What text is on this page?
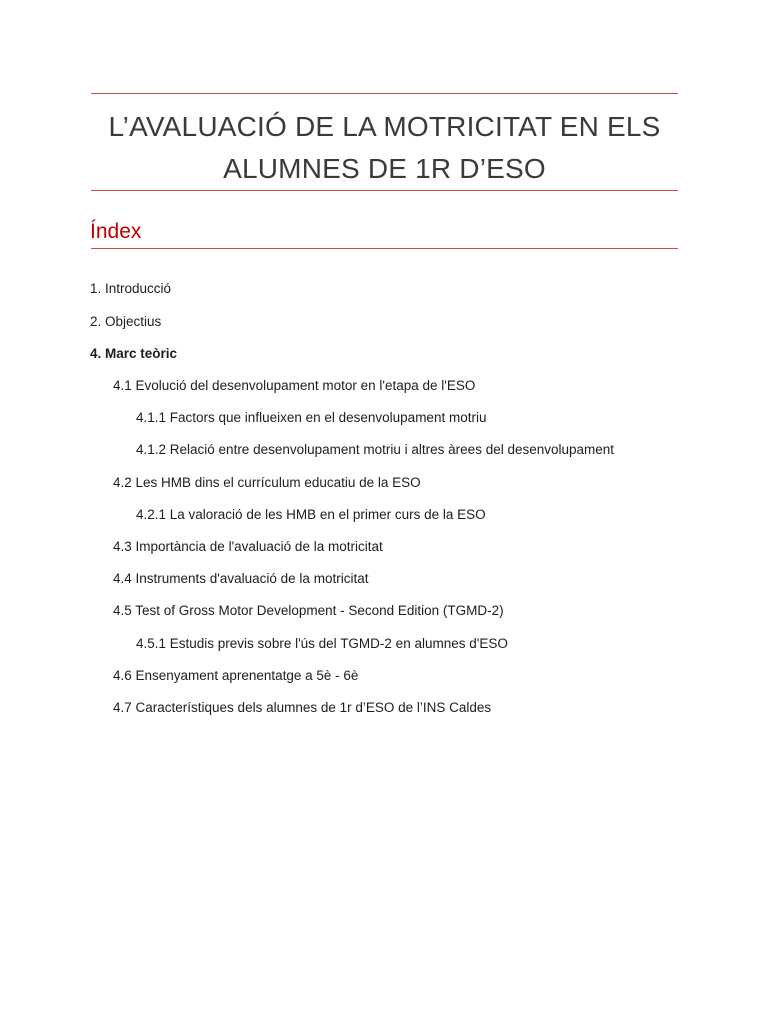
L’AVALUACIÓ DE LA MOTRICITAT EN ELS
ALUMNES DE 1R D’ESO
Índex
1. Introducció
2. Objectius
4. Marc teòric
4.1 Evolució del desenvolupament motor en l'etapa de l'ESO
4.1.1 Factors que influeixen en el desenvolupament motriu
4.1.2 Relació entre desenvolupament motriu i altres àrees del desenvolupament
4.2 Les HMB dins el currículum educatiu de la ESO
4.2.1 La valoració de les HMB en el primer curs de la ESO
4.3 Importància de l'avaluació de la motricitat
4.4 Instruments d'avaluació de la motricitat
4.5 Test of Gross Motor Development - Second Edition (TGMD-2)
4.5.1 Estudis previs sobre l'ús del TGMD-2 en alumnes d'ESO
4.6 Ensenyament aprenentatge a 5è - 6è
4.7 Característiques dels alumnes de 1r d’ESO de l’INS Caldes
